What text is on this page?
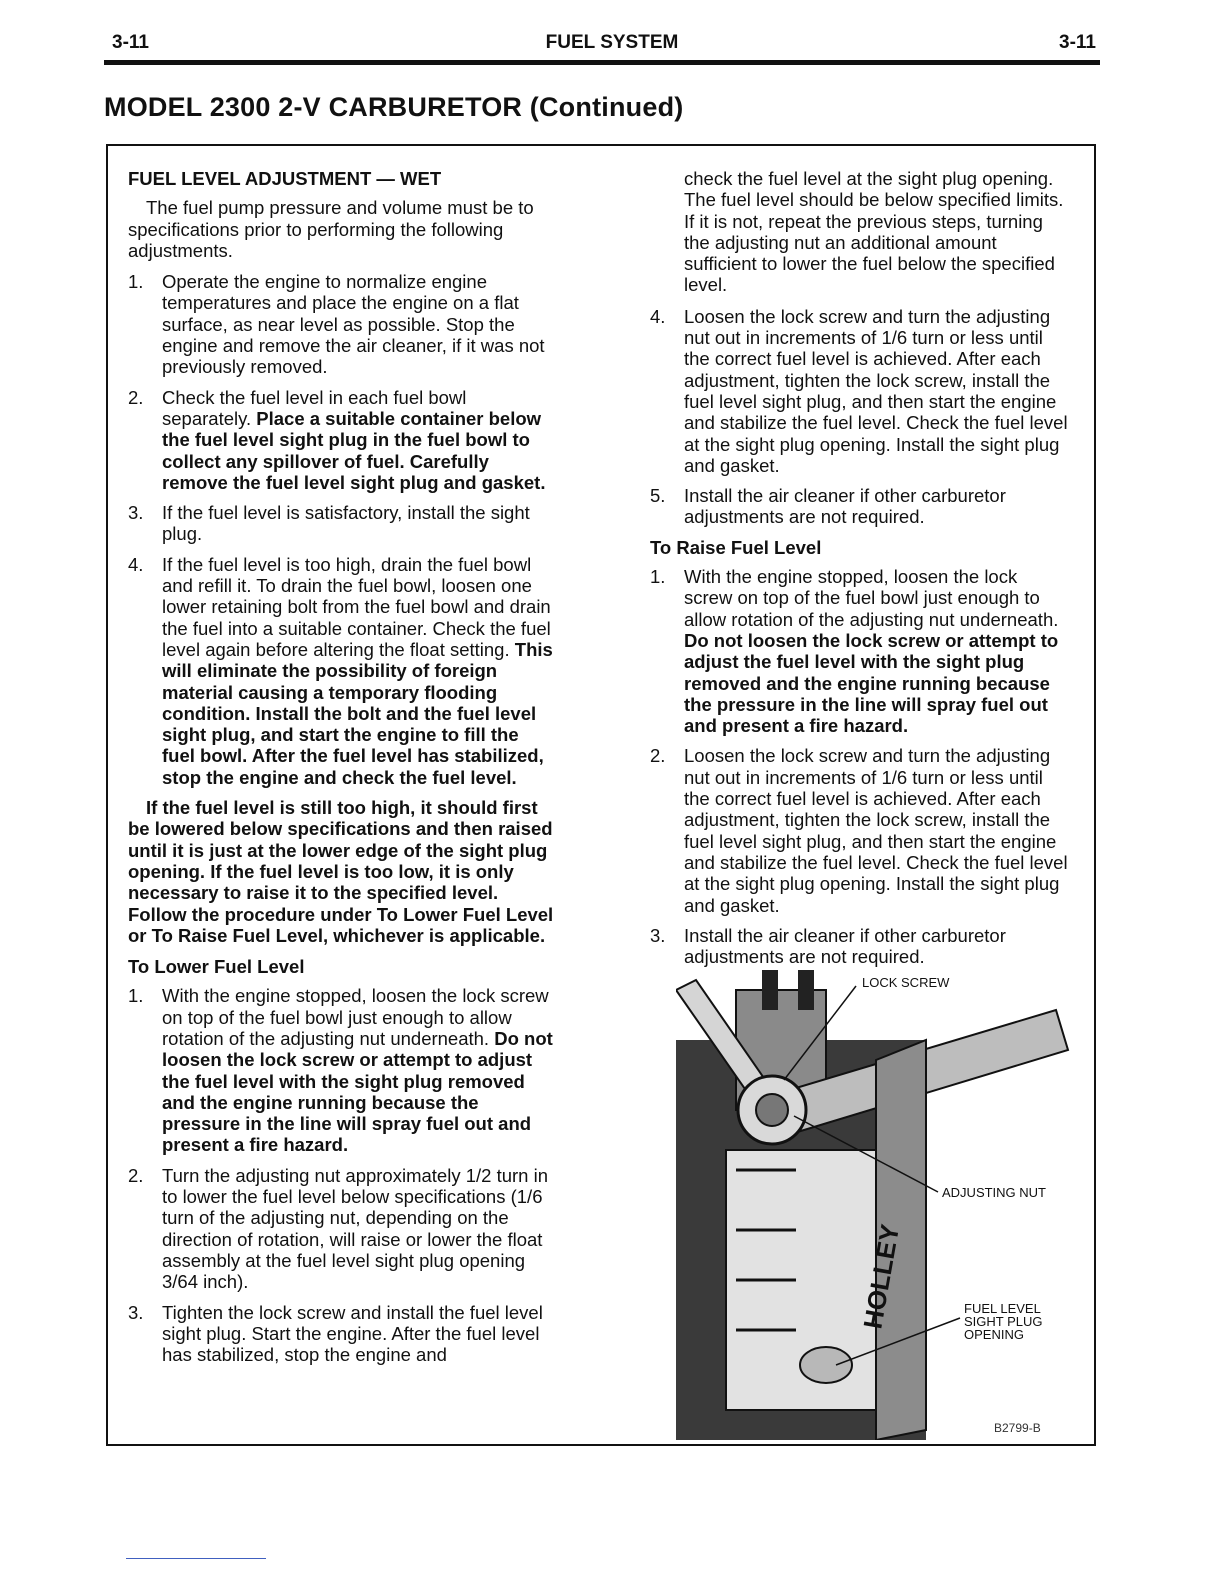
3-11	FUEL SYSTEM	3-11
MODEL 2300 2-V CARBURETOR (Continued)
FUEL LEVEL ADJUSTMENT — WET
The fuel pump pressure and volume must be to specifications prior to performing the following adjustments.
1. Operate the engine to normalize engine temperatures and place the engine on a flat surface, as near level as possible. Stop the engine and remove the air cleaner, if it was not previously removed.
2. Check the fuel level in each fuel bowl separately. Place a suitable container below the fuel level sight plug in the fuel bowl to collect any spillover of fuel. Carefully remove the fuel level sight plug and gasket.
3. If the fuel level is satisfactory, install the sight plug.
4. If the fuel level is too high, drain the fuel bowl and refill it. To drain the fuel bowl, loosen one lower retaining bolt from the fuel bowl and drain the fuel into a suitable container. Check the fuel level again before altering the float setting. This will eliminate the possibility of foreign material causing a temporary flooding condition. Install the bolt and the fuel level sight plug, and start the engine to fill the fuel bowl. After the fuel level has stabilized, stop the engine and check the fuel level.
If the fuel level is still too high, it should first be lowered below specifications and then raised until it is just at the lower edge of the sight plug opening. If the fuel level is too low, it is only necessary to raise it to the specified level. Follow the procedure under To Lower Fuel Level or To Raise Fuel Level, whichever is applicable.
To Lower Fuel Level
1. With the engine stopped, loosen the lock screw on top of the fuel bowl just enough to allow rotation of the adjusting nut underneath. Do not loosen the lock screw or attempt to adjust the fuel level with the sight plug removed and the engine running because the pressure in the line will spray fuel out and present a fire hazard.
2. Turn the adjusting nut approximately 1/2 turn in to lower the fuel level below specifications (1/6 turn of the adjusting nut, depending on the direction of rotation, will raise or lower the float assembly at the fuel level sight plug opening 3/64 inch).
3. Tighten the lock screw and install the fuel level sight plug. Start the engine. After the fuel level has stabilized, stop the engine and
check the fuel level at the sight plug opening. The fuel level should be below specified limits. If it is not, repeat the previous steps, turning the adjusting nut an additional amount sufficient to lower the fuel below the specified level.
4. Loosen the lock screw and turn the adjusting nut out in increments of 1/6 turn or less until the correct fuel level is achieved. After each adjustment, tighten the lock screw, install the fuel level sight plug, and then start the engine and stabilize the fuel level. Check the fuel level at the sight plug opening. Install the sight plug and gasket.
5. Install the air cleaner if other carburetor adjustments are not required.
To Raise Fuel Level
1. With the engine stopped, loosen the lock screw on top of the fuel bowl just enough to allow rotation of the adjusting nut underneath. Do not loosen the lock screw or attempt to adjust the fuel level with the sight plug removed and the engine running because the pressure in the line will spray fuel out and present a fire hazard.
2. Loosen the lock screw and turn the adjusting nut out in increments of 1/6 turn or less until the correct fuel level is achieved. After each adjustment, tighten the lock screw, install the fuel level sight plug, and then start the engine and stabilize the fuel level. Check the fuel level at the sight plug opening. Install the sight plug and gasket.
3. Install the air cleaner if other carburetor adjustments are not required.
HOLLEY
LOCK SCREW
ADJUSTING NUT
FUEL LEVEL SIGHT PLUG OPENING
B2799-B
